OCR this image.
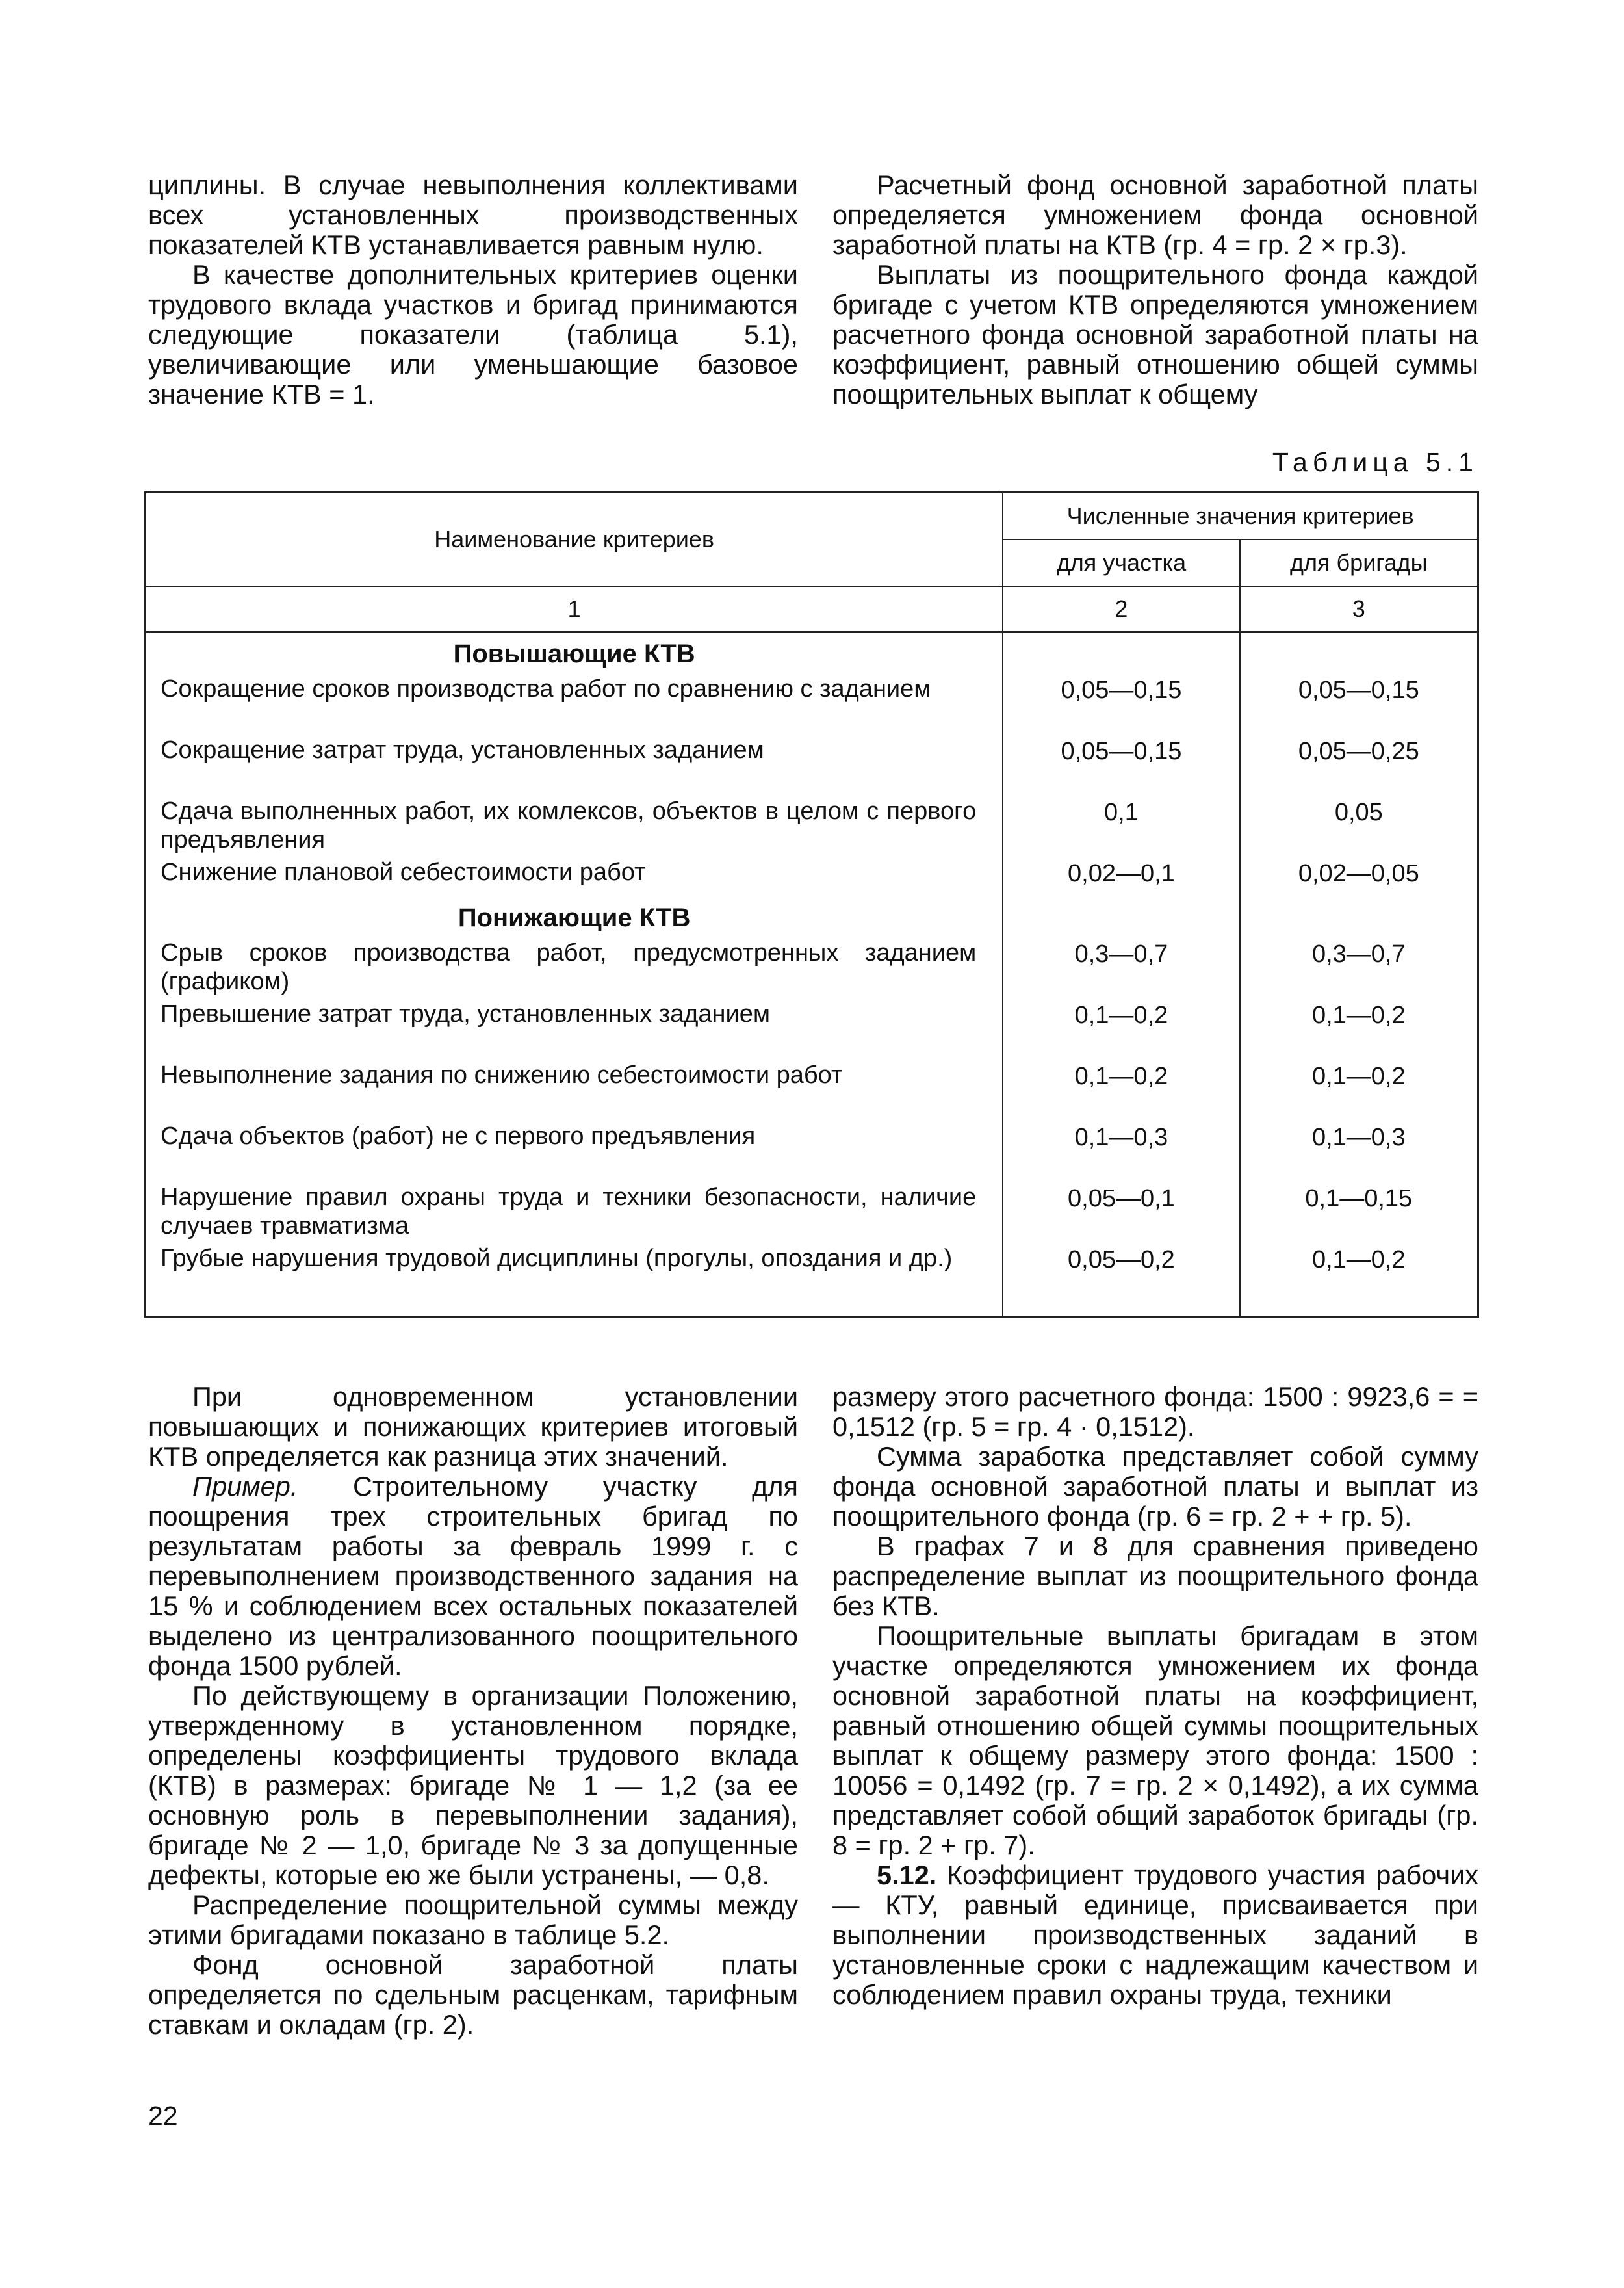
циплины. В случае невыполнения коллективами всех установленных производственных показателей КТВ устанавливается равным нулю.

В качестве дополнительных критериев оценки трудового вклада участков и бригад принимаются следующие показатели (таблица 5.1), увеличивающие или уменьшающие базовое значение КТВ = 1.

Расчетный фонд основной заработной платы определяется умножением фонда основной заработной платы на КТВ (гр. 4 = гр. 2 × гр.3).

Выплаты из поощрительного фонда каждой бригаде с учетом КТВ определяются умножением расчетного фонда основной заработной платы на коэффициент, равный отношению общей суммы поощрительных выплат к общему

Таблица 5.1
Наименование критериев	Численные значения критериев	
	для участка	для бригады
1	2	3
Повышающие КТВ		
Сокращение сроков производства работ по сравнению с заданием	0,05—0,15	0,05—0,15
Сокращение затрат труда, установленных заданием	0,05—0,15	0,05—0,25
Сдача выполненных работ, их комлексов, объектов в целом с первого предъявления	0,1	0,05
Снижение плановой себестоимости работ	0,02—0,1	0,02—0,05
Понижающие КТВ		
Срыв сроков производства работ, предусмотренных заданием (графиком)	0,3—0,7	0,3—0,7
Превышение затрат труда, установленных заданием	0,1—0,2	0,1—0,2
Невыполнение задания по снижению себестоимости работ	0,1—0,2	0,1—0,2
Сдача объектов (работ) не с первого предъявления	0,1—0,3	0,1—0,3
Нарушение правил охраны труда и техники безопасности, наличие случаев травматизма	0,05—0,1	0,1—0,15
Грубые нарушения трудовой дисциплины (прогулы, опоздания и др.)	0,05—0,2	0,1—0,2

При одновременном установлении повышающих и понижающих критериев итоговый КТВ определяется как разница этих значений.

Пример. Строительному участку для поощрения трех строительных бригад по результатам работы за февраль 1999 г. с перевыполнением производственного задания на 15 % и соблюдением всех остальных показателей выделено из централизованного поощрительного фонда 1500 рублей.

По действующему в организации Положению, утвержденному в установленном порядке, определены коэффициенты трудового вклада (КТВ) в размерах: бригаде № 1 — 1,2 (за ее основную роль в перевыполнении задания), бригаде № 2 — 1,0, бригаде № 3 за допущенные дефекты, которые ею же были устранены, — 0,8.

Распределение поощрительной суммы между этими бригадами показано в таблице 5.2.

Фонд основной заработной платы определяется по сдельным расценкам, тарифным ставкам и окладам (гр. 2).

размеру этого расчетного фонда: 1500 : 9923,6 = = 0,1512 (гр. 5 = гр. 4 · 0,1512).

Сумма заработка представляет собой сумму фонда основной заработной платы и выплат из поощрительного фонда (гр. 6 = гр. 2 + + гр. 5).

В графах 7 и 8 для сравнения приведено распределение выплат из поощрительного фонда без КТВ.

Поощрительные выплаты бригадам в этом участке определяются умножением их фонда основной заработной платы на коэффициент, равный отношению общей суммы поощрительных выплат к общему размеру этого фонда: 1500 : 10056 = 0,1492 (гр. 7 = гр. 2 × 0,1492), а их сумма представляет собой общий заработок бригады (гр. 8 = гр. 2 + гр. 7).

5.12. Коэффициент трудового участия рабочих — КТУ, равный единице, присваивается при выполнении производственных заданий в установленные сроки с надлежащим качеством и соблюдением правил охраны труда, техники

22
